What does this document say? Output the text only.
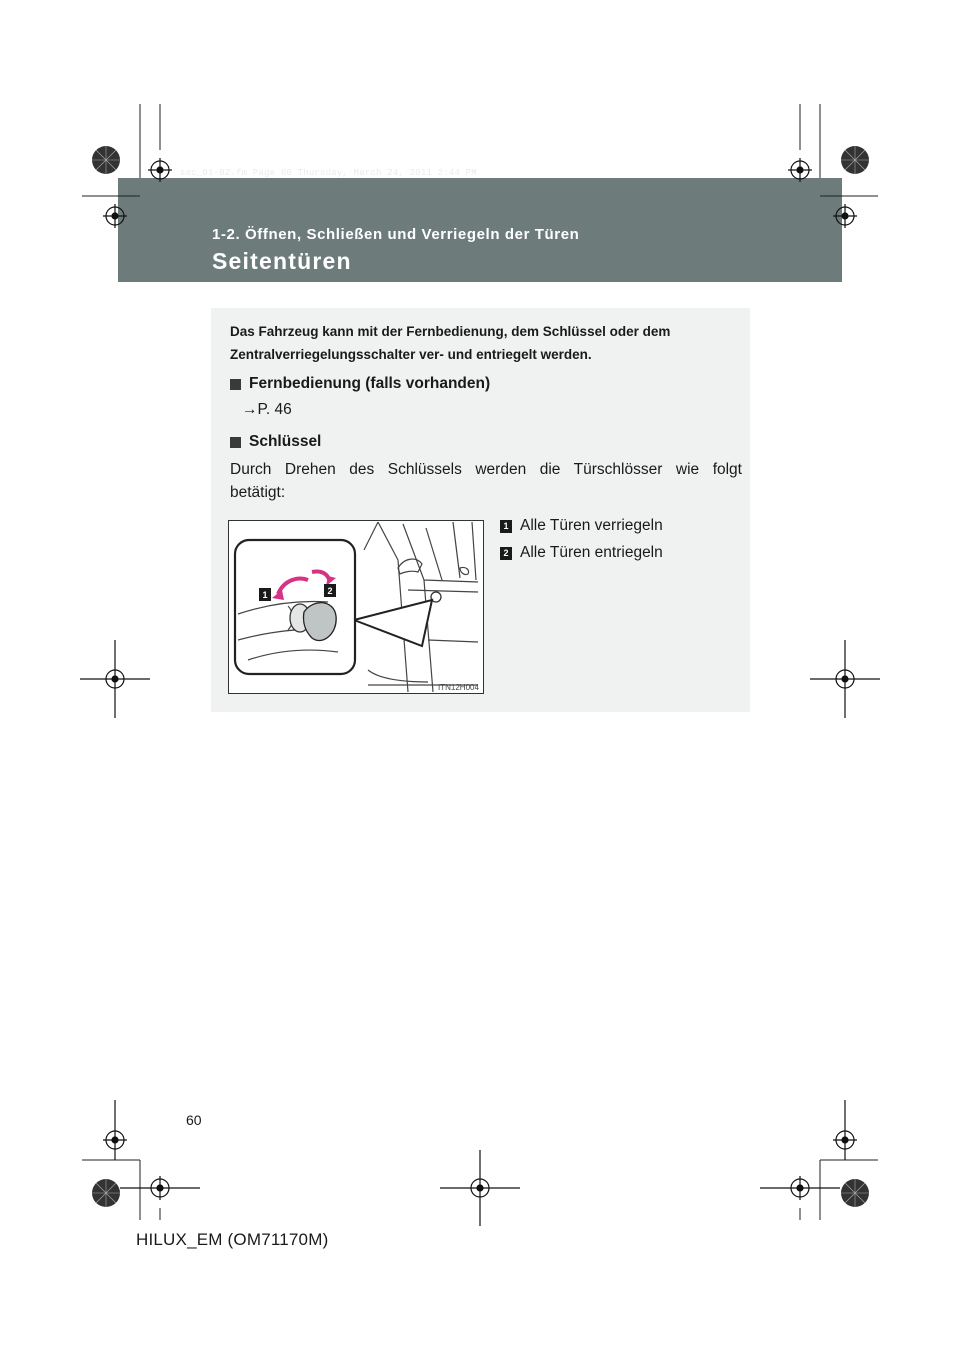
sec_01-02.fm Page 60 Thursday, March 24, 2011 2:44 PM
1-2. Öffnen, Schließen und Verriegeln der Türen
Seitentüren
Das Fahrzeug kann mit der Fernbedienung, dem Schlüssel oder dem
Zentralverriegelungsschalter ver- und entriegelt werden.
Fernbedienung (falls vorhanden)
→P. 46
Schlüssel
Durch Drehen des Schlüssels werden die Türschlösser wie folgt
betätigt:
1 Alle Türen verriegeln
2 Alle Türen entriegeln
1	2
ITN12H004
60
HILUX_EM (OM71170M)
